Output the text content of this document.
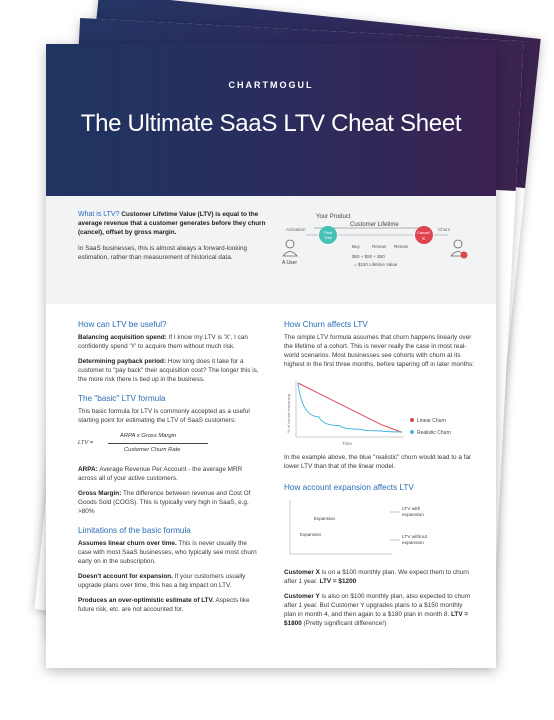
CHARTMOGUL
The Ultimate SaaS LTV Cheat Sheet

What is LTV? Customer Lifetime Value (LTV) is equal to the average revenue that a customer generates before they churn (cancel), offset by gross margin.

In SaaS businesses, this is almost always a forward-looking estimation, rather than measurement of historical data.

Your Product
Customer Lifetime
Activation
Paid
Trial
Buy	Renew Renew
$50 + $50 + $50
= $150 Lifetime Value
Cancel
X
Churn
A User
How can LTV be useful?

Balancing acquisition spend: If I know my LTV is 'X', I can confidently spend 'Y' to acquire them without much risk.

Determining payback period: How long does it take for a customer to "pay back" their acquisition cost? The longer this is, the more risk there is tied up in the business.

The "basic" LTV formula

This basic formula for LTV is commonly accepted as a useful starting point for estimating the LTV of SaaS customers:

LTV =
ARPA x Gross Margin
Customer Churn Rate

ARPA: Average Revenue Per Account - the average MRR across all of your active customers.

Gross Margin: The difference between revenue and Cost Of Goods Sold (COGS). This is typically very high in SaaS, e.g. >80%

Limitations of the basic formula

Assumes linear churn over time. This is never usually the case with most SaaS businesses, who typically see most churn early on in the subscription.

Doesn't account for expansion. If your customers usually upgrade plans over time, this has a big impact on LTV.

Produces an over-optimistic estimate of LTV. Aspects like future risk, etc. are not accounted for.

How Churn affects LTV

The simple LTV formula assumes that churn happens linearly over the lifetime of a cohort. This is never really the case in most real-world scenarios. Most businesses see cohorts with churn at its highest in the first three months, before tapering off in later months:

% of cohort remaining
Time
Linear Churn
Realistic Churn

In the example above, the blue "realistic" churn would lead to a far lower LTV than that of the linear model.

How account expansion affects LTV
Expansion
Expansion
LTV with
expansion
LTV without
expansion

Customer X is on a $100 monthly plan. We expect them to churn after 1 year. LTV = $1200

Customer Y is also on $100 monthly plan, also expected to churn after 1 year. But Customer Y upgrades plans to a $150 monthly plan in month 4, and then again to a $180 plan in month 8. LTV = $1800 (Pretty significant difference!)
